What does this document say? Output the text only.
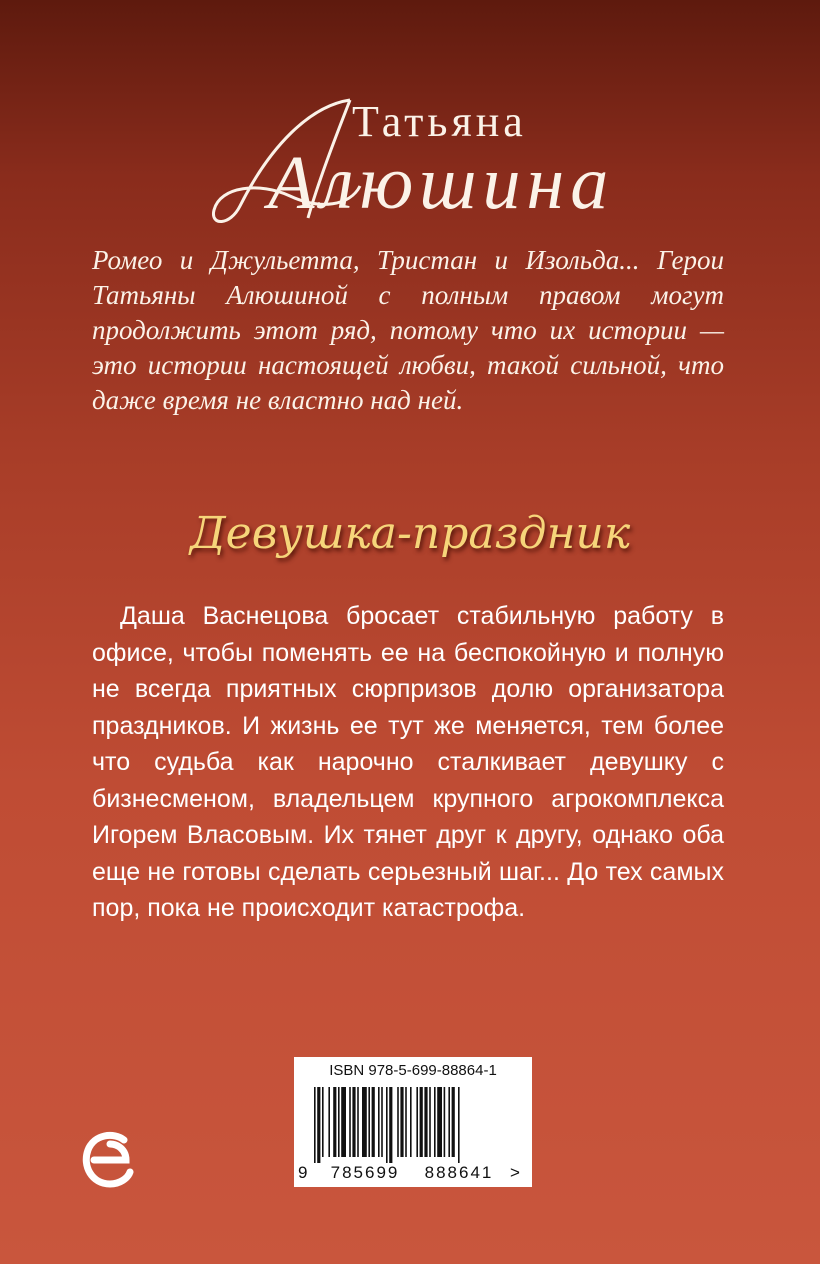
Татьяна
Алюшина
Ромео и Джульетта, Тристан и Изольда... Герои Татьяны Алюшиной с полным правом могут продолжить этот ряд, потому что их истории — это истории настоящей любви, такой сильной, что даже время не властно над ней.
Девушка-праздник
Даша Васнецова бросает стабильную работу в офисе, чтобы поменять ее на беспокойную и полную не всегда приятных сюрпризов долю организатора праздников. И жизнь ее тут же меняется, тем более что судьба как нарочно сталкивает девушку с бизнесменом, владельцем крупного агрокомплекса Игорем Власовым. Их тянет друг к другу, однако оба еще не готовы сделать серьезный шаг... До тех самых пор, пока не происходит катастрофа.
ISBN 978-5-699-88864-1
9	785699	888641 >
